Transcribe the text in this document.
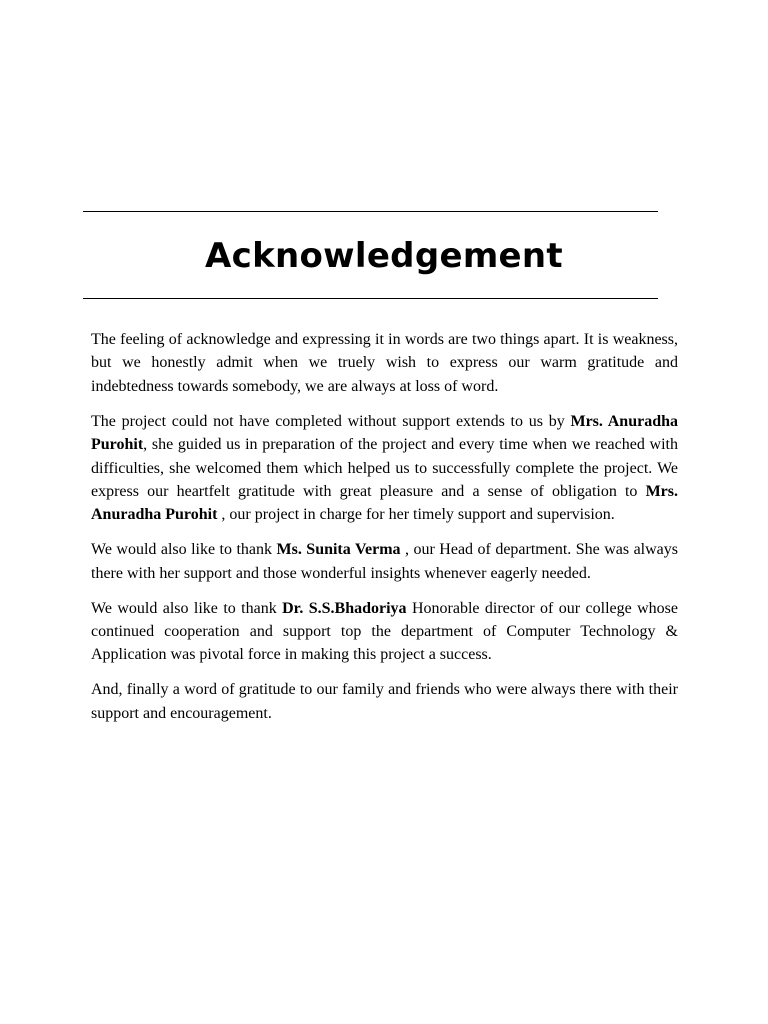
Acknowledgement

The feeling of acknowledge and expressing it in words are two things apart. It is weakness, but we honestly admit when we truely wish to express our warm gratitude and indebtedness towards somebody, we are always at loss of word.

The project could not have completed without support extends to us by Mrs. Anuradha Purohit, she guided us in preparation of the project and every time when we reached with difficulties, she welcomed them which helped us to successfully complete the project. We express our heartfelt gratitude with great pleasure and a sense of obligation to Mrs. Anuradha Purohit , our project in charge for her timely support and supervision.

We would also like to thank Ms. Sunita Verma , our Head of department. She was always there with her support and those wonderful insights whenever eagerly needed.

We would also like to thank Dr. S.S.Bhadoriya Honorable director of our college whose continued cooperation and support top the department of Computer Technology & Application was pivotal force in making this project a success.

And, finally a word of gratitude to our family and friends who were always there with their support and encouragement.
